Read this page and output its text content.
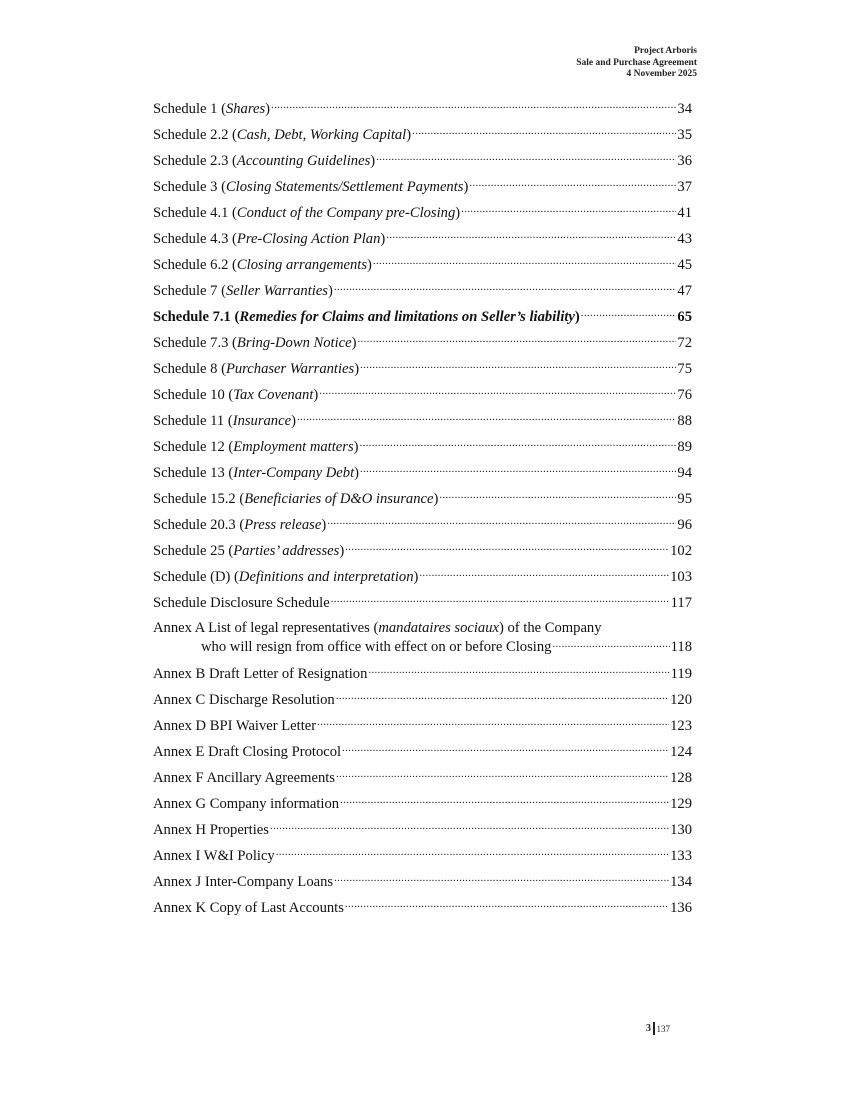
Project Arboris
Sale and Purchase Agreement
4 November 2025
Schedule 1 (Shares) .....	34
Schedule 2.2 (Cash, Debt, Working Capital) .....	35
Schedule 2.3 (Accounting Guidelines) .....	36
Schedule 3 (Closing Statements/Settlement Payments) .....	37
Schedule 4.1 (Conduct of the Company pre-Closing) .....	41
Schedule 4.3 (Pre-Closing Action Plan) .....	43
Schedule 6.2 (Closing arrangements) .....	45
Schedule 7 (Seller Warranties) .....	47
Schedule 7.1 (Remedies for Claims and limitations on Seller’s liability) .....	65
Schedule 7.3 (Bring-Down Notice) .....	72
Schedule 8 (Purchaser Warranties) .....	75
Schedule 10 (Tax Covenant) .....	76
Schedule 11 (Insurance) .....	88
Schedule 12 (Employment matters) .....	89
Schedule 13 (Inter-Company Debt) .....	94
Schedule 15.2 (Beneficiaries of D&O insurance) .....	95
Schedule 20.3 (Press release) .....	96
Schedule 25 (Parties’ addresses) .....	102
Schedule (D) (Definitions and interpretation) .....	103
Schedule Disclosure Schedule .....	117
Annex A List of legal representatives (mandataires sociaux) of the Company
who will resign from office with effect on or before Closing .....	118
Annex B Draft Letter of Resignation .....	119
Annex C Discharge Resolution .....	120
Annex D BPI Waiver Letter .....	123
Annex E Draft Closing Protocol .....	124
Annex F Ancillary Agreements .....	128
Annex G Company information .....	129
Annex H Properties .....	130
Annex I W&I Policy .....	133
Annex J Inter-Company Loans .....	134
Annex K Copy of Last Accounts .....	136
3 137
